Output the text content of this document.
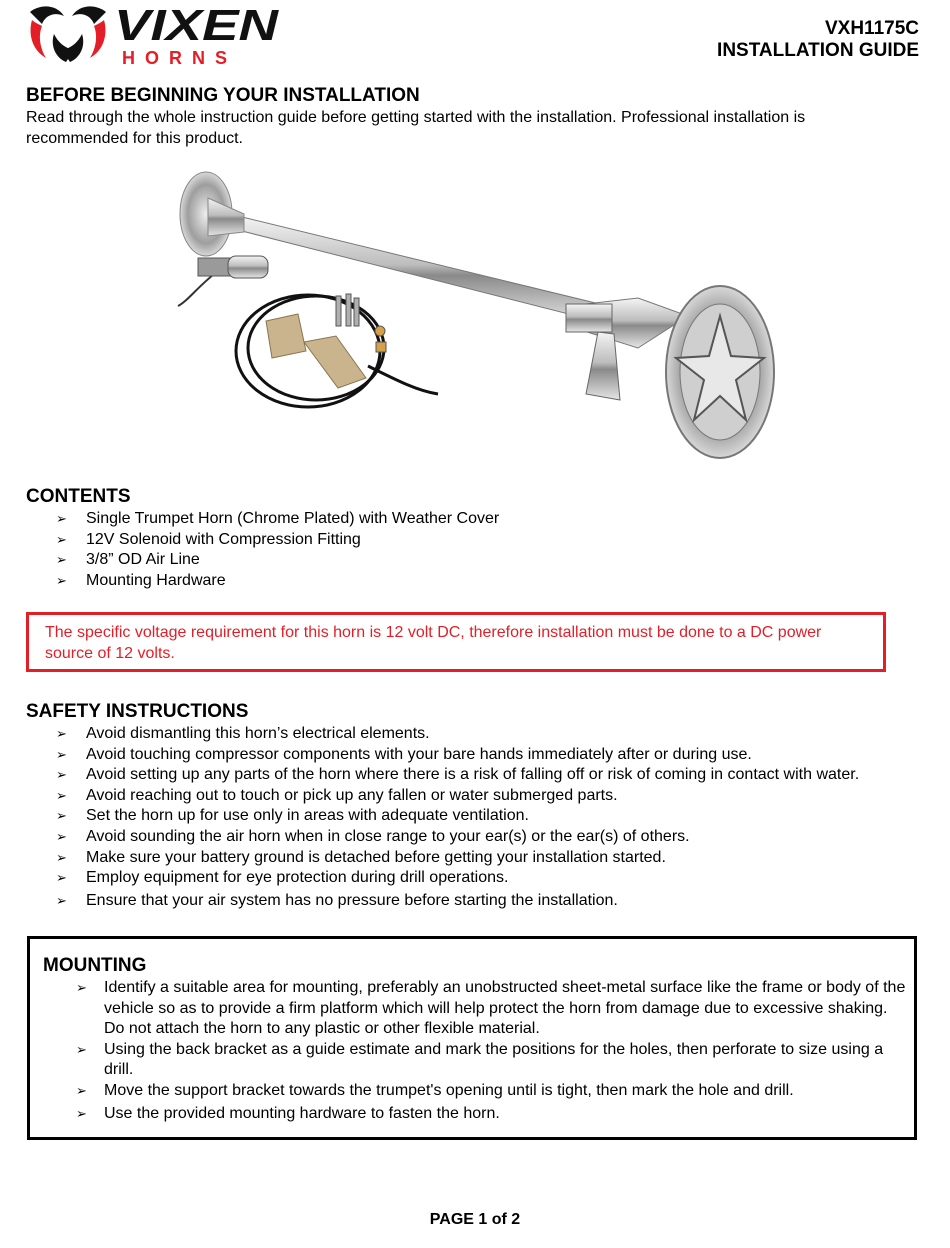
VIXEN
HORNS
VXH1175C
INSTALLATION GUIDE
BEFORE BEGINNING YOUR INSTALLATION

Read through the whole instruction guide before getting started with the installation. Professional installation is recommended for this product.

CONTENTS
➢ Single Trumpet Horn (Chrome Plated) with Weather Cover
➢ 12V Solenoid with Compression Fitting
➢ 3/8” OD Air Line
➢ Mounting Hardware

The specific voltage requirement for this horn is 12 volt DC, therefore installation must be done to a DC power source of 12 volts.

SAFETY INSTRUCTIONS
➢ Avoid dismantling this horn’s electrical elements.
➢ Avoid touching compressor components with your bare hands immediately after or during use.
➢ Avoid setting up any parts of the horn where there is a risk of falling off or risk of coming in contact with water.
➢ Avoid reaching out to touch or pick up any fallen or water submerged parts.
➢ Set the horn up for use only in areas with adequate ventilation.
➢ Avoid sounding the air horn when in close range to your ear(s) or the ear(s) of others.
➢ Make sure your battery ground is detached before getting your installation started.
➢ Employ equipment for eye protection during drill operations.
➢ Ensure that your air system has no pressure before starting the installation.
MOUNTING
➢ Identify a suitable area for mounting, preferably an unobstructed sheet-metal surface like the frame or body of the vehicle so as to provide a firm platform which will help protect the horn from damage due to excessive shaking. Do not attach the horn to any plastic or other flexible material.
➢ Using the back bracket as a guide estimate and mark the positions for the holes, then perforate to size using a drill.
➢ Move the support bracket towards the trumpet's opening until is tight, then mark the hole and drill.
➢ Use the provided mounting hardware to fasten the horn.
PAGE 1 of 2
